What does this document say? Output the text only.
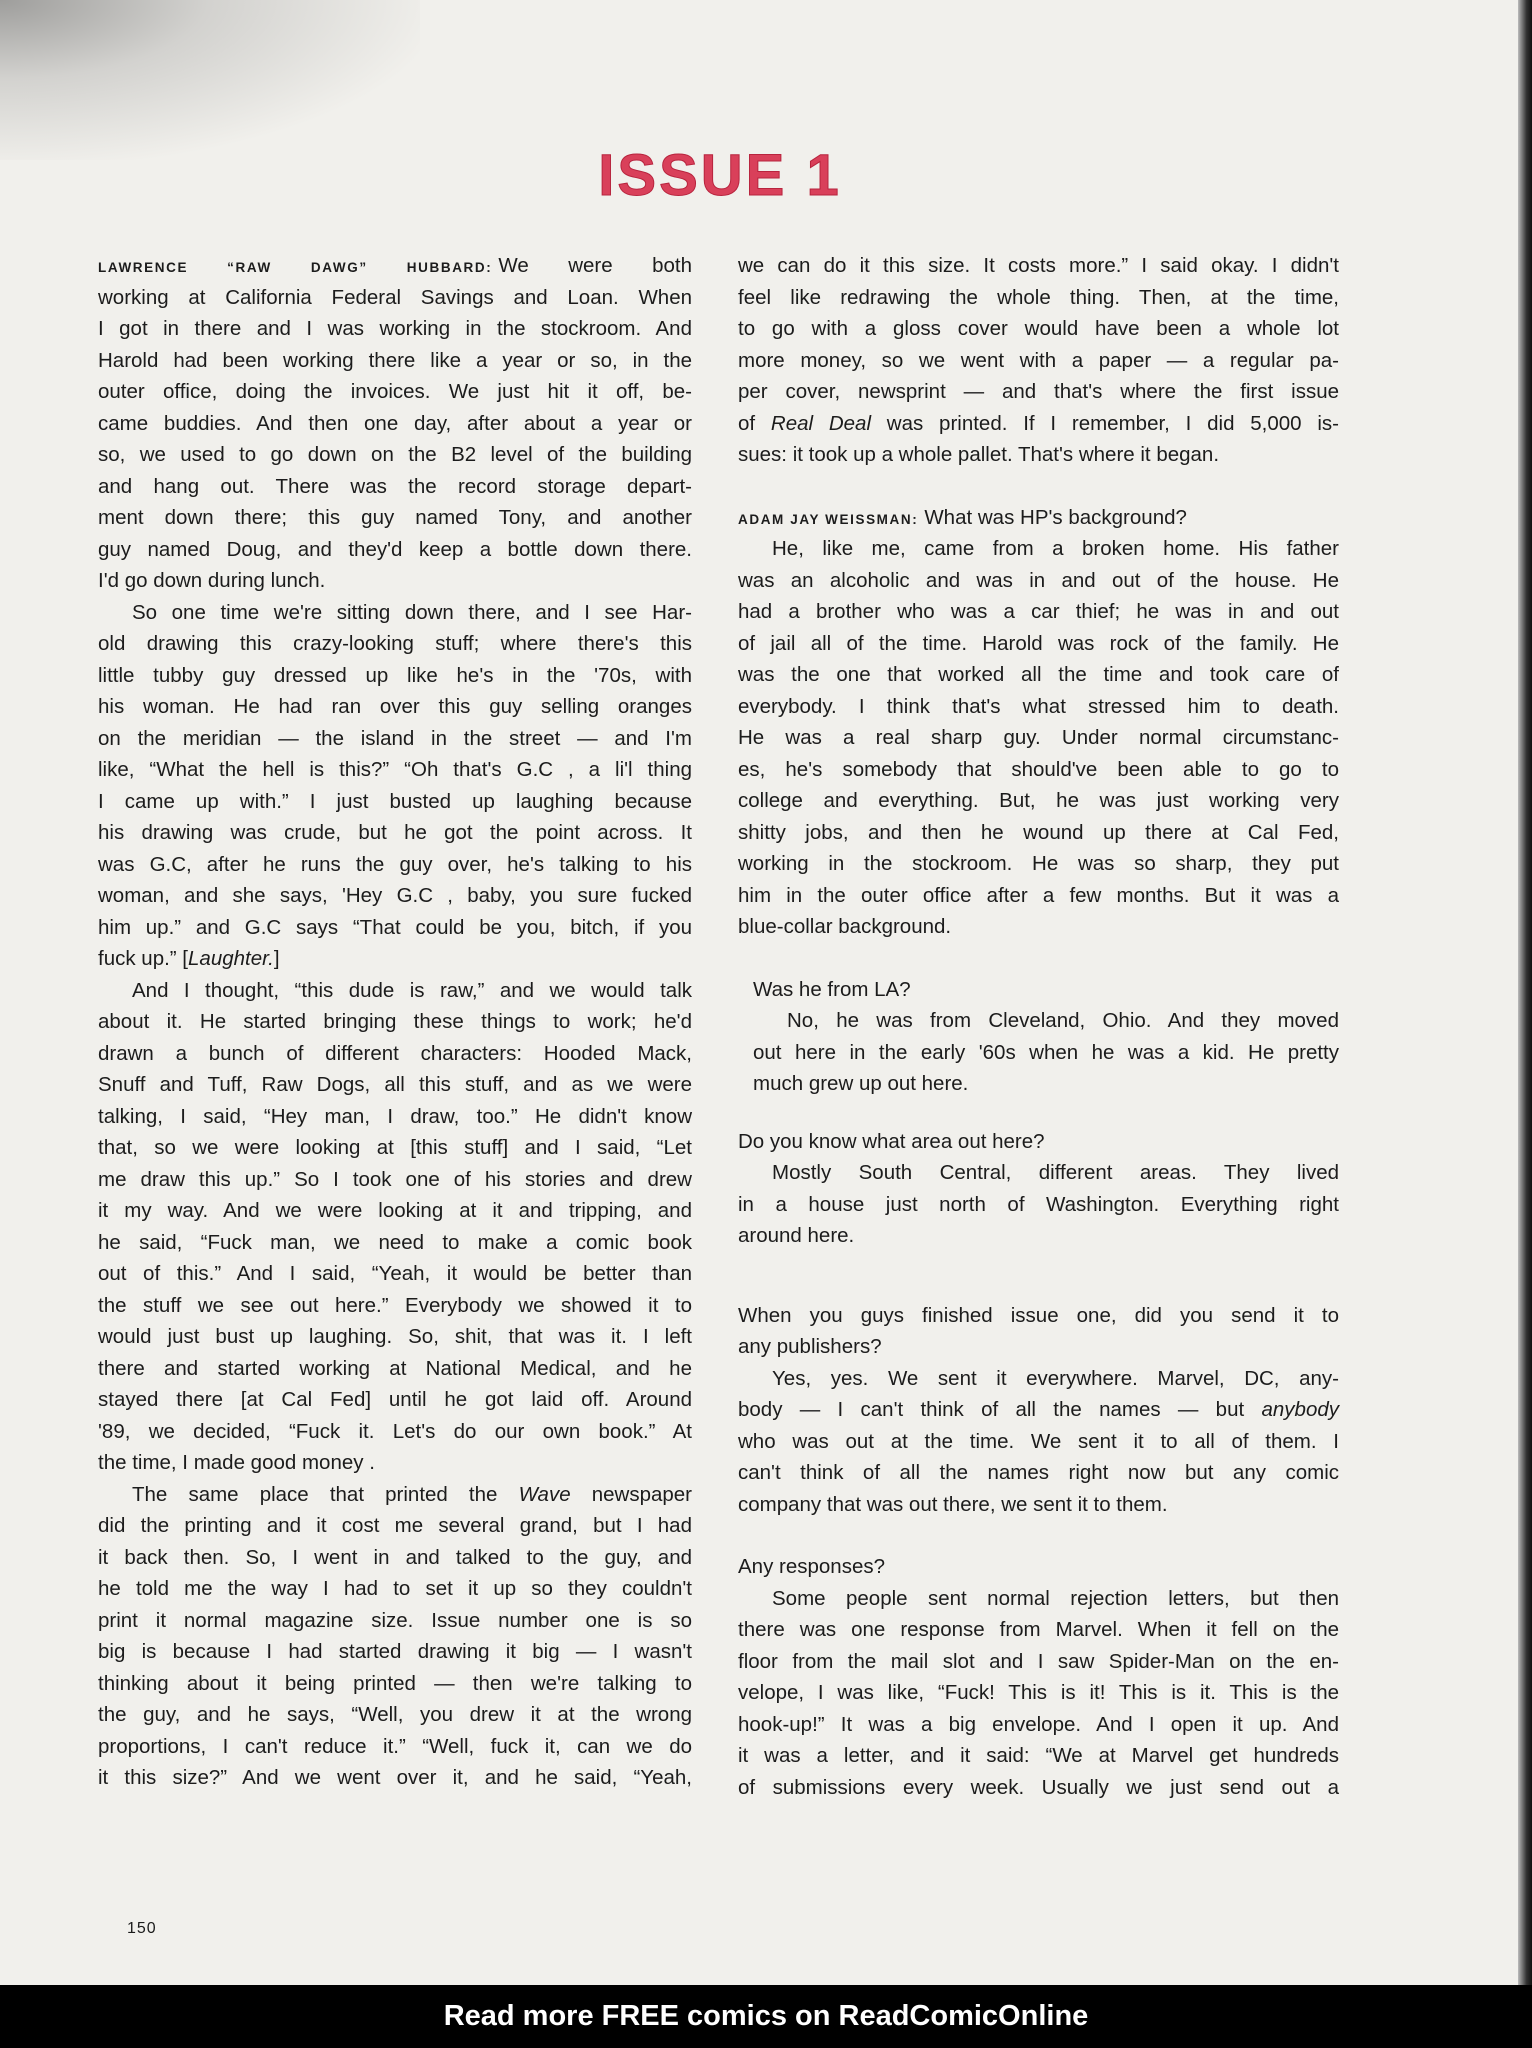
ISSUE 1
LAWRENCE “RAW DAWG” HUBBARD: We were both
working at California Federal Savings and Loan. When
I got in there and I was working in the stockroom. And
Harold had been working there like a year or so, in the
outer office, doing the invoices. We just hit it off, be-
came buddies. And then one day, after about a year or
so, we used to go down on the B2 level of the building
and hang out. There was the record storage depart-
ment down there; this guy named Tony, and another
guy named Doug, and they'd keep a bottle down there.
I'd go down during lunch.
So one time we're sitting down there, and I see Har-
old drawing this crazy-looking stuff; where there's this
little tubby guy dressed up like he's in the '70s, with
his woman. He had ran over this guy selling oranges
on the meridian — the island in the street — and I'm
like, “What the hell is this?” “Oh that's G.C , a li'l thing
I came up with.” I just busted up laughing because
his drawing was crude, but he got the point across. It
was G.C, after he runs the guy over, he's talking to his
woman, and she says, 'Hey G.C , baby, you sure fucked
him up.” and G.C says “That could be you, bitch, if you
fuck up.” [Laughter.]
And I thought, “this dude is raw,” and we would talk
about it. He started bringing these things to work; he'd
drawn a bunch of different characters: Hooded Mack,
Snuff and Tuff, Raw Dogs, all this stuff, and as we were
talking, I said, “Hey man, I draw, too.” He didn't know
that, so we were looking at [this stuff] and I said, “Let
me draw this up.” So I took one of his stories and drew
it my way. And we were looking at it and tripping, and
he said, “Fuck man, we need to make a comic book
out of this.” And I said, “Yeah, it would be better than
the stuff we see out here.” Everybody we showed it to
would just bust up laughing. So, shit, that was it. I left
there and started working at National Medical, and he
stayed there [at Cal Fed] until he got laid off. Around
'89, we decided, “Fuck it. Let's do our own book.” At
the time, I made good money .
The same place that printed the Wave newspaper
did the printing and it cost me several grand, but I had
it back then. So, I went in and talked to the guy, and
he told me the way I had to set it up so they couldn't
print it normal magazine size. Issue number one is so
big is because I had started drawing it big — I wasn't
thinking about it being printed — then we're talking to
the guy, and he says, “Well, you drew it at the wrong
proportions, I can't reduce it.” “Well, fuck it, can we do
it this size?” And we went over it, and he said, “Yeah,
we can do it this size. It costs more.” I said okay. I didn't
feel like redrawing the whole thing. Then, at the time,
to go with a gloss cover would have been a whole lot
more money, so we went with a paper — a regular pa-
per cover, newsprint — and that's where the first issue
of Real Deal was printed. If I remember, I did 5,000 is-
sues: it took up a whole pallet. That's where it began.
ADAM JAY WEISSMAN: What was HP's background?
He, like me, came from a broken home. His father
was an alcoholic and was in and out of the house. He
had a brother who was a car thief; he was in and out
of jail all of the time. Harold was rock of the family. He
was the one that worked all the time and took care of
everybody. I think that's what stressed him to death.
He was a real sharp guy. Under normal circumstanc-
es, he's somebody that should've been able to go to
college and everything. But, he was just working very
shitty jobs, and then he wound up there at Cal Fed,
working in the stockroom. He was so sharp, they put
him in the outer office after a few months. But it was a
blue-collar background.
Was he from LA?
No, he was from Cleveland, Ohio. And they moved
out here in the early '60s when he was a kid. He pretty
much grew up out here.
Do you know what area out here?
Mostly South Central, different areas. They lived
in a house just north of Washington. Everything right
around here.
When you guys finished issue one, did you send it to
any publishers?
Yes, yes. We sent it everywhere. Marvel, DC, any-
body — I can't think of all the names — but anybody
who was out at the time. We sent it to all of them. I
can't think of all the names right now but any comic
company that was out there, we sent it to them.
Any responses?
Some people sent normal rejection letters, but then
there was one response from Marvel. When it fell on the
floor from the mail slot and I saw Spider-Man on the en-
velope, I was like, “Fuck! This is it! This is it. This is the
hook-up!” It was a big envelope. And I open it up. And
it was a letter, and it said: “We at Marvel get hundreds
of submissions every week. Usually we just send out a
150
Read more FREE comics on ReadComicOnline
